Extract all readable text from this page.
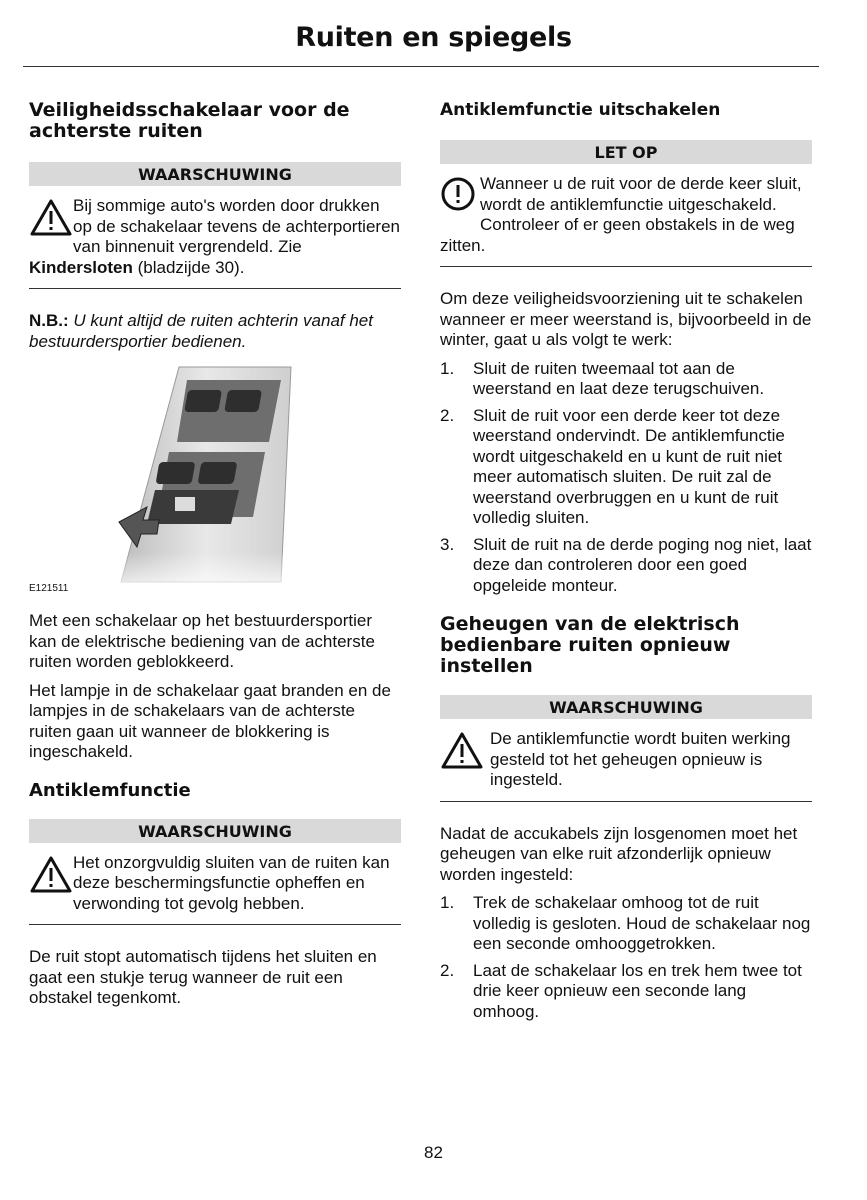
Ruiten en spiegels
Veiligheidsschakelaar voor de achterste ruiten
WAARSCHUWING

Bij sommige auto's worden door drukken op de schakelaar tevens de achterportieren van binnenuit vergrendeld. Zie Kindersloten (bladzijde 30).

N.B.: U kunt altijd de ruiten achterin vanaf het bestuurdersportier bedienen.

E121511

Met een schakelaar op het bestuurdersportier kan de elektrische bediening van de achterste ruiten worden geblokkeerd.

Het lampje in de schakelaar gaat branden en de lampjes in de schakelaars van de achterste ruiten gaan uit wanneer de blokkering is ingeschakeld.

Antiklemfunctie
WAARSCHUWING

Het onzorgvuldig sluiten van de ruiten kan deze beschermingsfunctie opheffen en verwonding tot gevolg hebben.

De ruit stopt automatisch tijdens het sluiten en gaat een stukje terug wanneer de ruit een obstakel tegenkomt.

Antiklemfunctie uitschakelen
LET OP

Wanneer u de ruit voor de derde keer sluit, wordt de antiklemfunctie uitgeschakeld. Controleer of er geen obstakels in de weg zitten.

Om deze veiligheidsvoorziening uit te schakelen wanneer er meer weerstand is, bijvoorbeeld in de winter, gaat u als volgt te werk:

1. Sluit de ruiten tweemaal tot aan de weerstand en laat deze terugschuiven.
2. Sluit de ruit voor een derde keer tot deze weerstand ondervindt. De antiklemfunctie wordt uitgeschakeld en u kunt de ruit niet meer automatisch sluiten. De ruit zal de weerstand overbruggen en u kunt de ruit volledig sluiten.
3. Sluit de ruit na de derde poging nog niet, laat deze dan controleren door een goed opgeleide monteur.
Geheugen van de elektrisch bedienbare ruiten opnieuw instellen
WAARSCHUWING

De antiklemfunctie wordt buiten werking gesteld tot het geheugen opnieuw is ingesteld.

Nadat de accukabels zijn losgenomen moet het geheugen van elke ruit afzonderlijk opnieuw worden ingesteld:

1. Trek de schakelaar omhoog tot de ruit volledig is gesloten. Houd de schakelaar nog een seconde omhooggetrokken.
2. Laat de schakelaar los en trek hem twee tot drie keer opnieuw een seconde lang omhoog.
82
